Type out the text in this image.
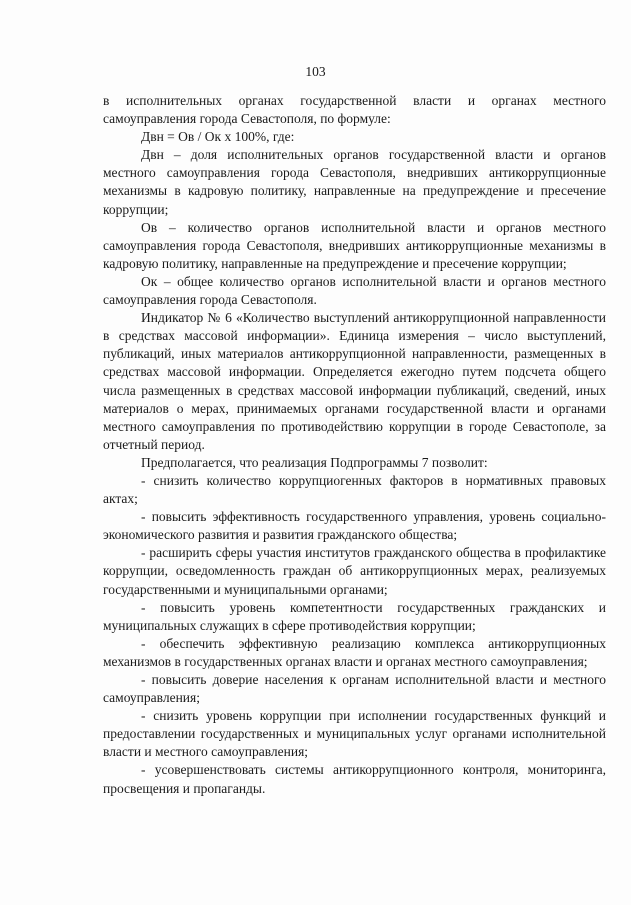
103

в исполнительных органах государственной власти и органах местного самоуправления города Севастополя, по формуле:

Двн = Ов / Ок х 100%, где:

Двн – доля исполнительных органов государственной власти и органов местного самоуправления города Севастополя, внедривших антикоррупционные механизмы в кадровую политику, направленные на предупреждение и пресечение коррупции;

Ов – количество органов исполнительной власти и органов местного самоуправления города Севастополя, внедривших антикоррупционные механизмы в кадровую политику, направленные на предупреждение и пресечение коррупции;

Ок – общее количество органов исполнительной власти и органов местного самоуправления города Севастополя.

Индикатор № 6 «Количество выступлений антикоррупционной направленности в средствах массовой информации». Единица измерения – число выступлений, публикаций, иных материалов антикоррупционной направленности, размещенных в средствах массовой информации. Определяется ежегодно путем подсчета общего числа размещенных в средствах массовой информации публикаций, сведений, иных материалов о мерах, принимаемых органами государственной власти и органами местного самоуправления по противодействию коррупции в городе Севастополе, за отчетный период.

Предполагается, что реализация Подпрограммы 7 позволит:

- снизить количество коррупциогенных факторов в нормативных правовых актах;

- повысить эффективность государственного управления, уровень социально-экономического развития и развития гражданского общества;

- расширить сферы участия институтов гражданского общества в профилактике коррупции, осведомленность граждан об антикоррупционных мерах, реализуемых государственными и муниципальными органами;

- повысить уровень компетентности государственных гражданских и муниципальных служащих в сфере противодействия коррупции;

- обеспечить эффективную реализацию комплекса антикоррупционных механизмов в государственных органах власти и органах местного самоуправления;

- повысить доверие населения к органам исполнительной власти и местного самоуправления;

- снизить уровень коррупции при исполнении государственных функций и предоставлении государственных и муниципальных услуг органами исполнительной власти и местного самоуправления;

- усовершенствовать системы антикоррупционного контроля, мониторинга, просвещения и пропаганды.
